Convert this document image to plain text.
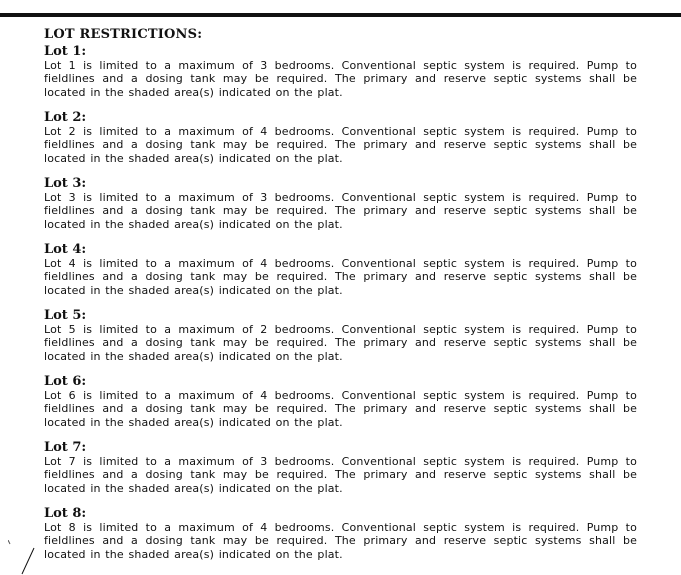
LOT RESTRICTIONS:
Lot 1:
Lot 1 is limited to a maximum of 3 bedrooms. Conventional septic system is required. Pump to fieldlines and a dosing tank may be required. The primary and reserve septic systems shall be located in the shaded area(s) indicated on the plat.
Lot 2:
Lot 2 is limited to a maximum of 4 bedrooms. Conventional septic system is required. Pump to fieldlines and a dosing tank may be required. The primary and reserve septic systems shall be located in the shaded area(s) indicated on the plat.
Lot 3:
Lot 3 is limited to a maximum of 3 bedrooms. Conventional septic system is required. Pump to fieldlines and a dosing tank may be required. The primary and reserve septic systems shall be located in the shaded area(s) indicated on the plat.
Lot 4:
Lot 4 is limited to a maximum of 4 bedrooms. Conventional septic system is required. Pump to fieldlines and a dosing tank may be required. The primary and reserve septic systems shall be located in the shaded area(s) indicated on the plat.
Lot 5:
Lot 5 is limited to a maximum of 2 bedrooms. Conventional septic system is required. Pump to fieldlines and a dosing tank may be required. The primary and reserve septic systems shall be located in the shaded area(s) indicated on the plat.
Lot 6:
Lot 6 is limited to a maximum of 4 bedrooms. Conventional septic system is required. Pump to fieldlines and a dosing tank may be required. The primary and reserve septic systems shall be located in the shaded area(s) indicated on the plat.
Lot 7:
Lot 7 is limited to a maximum of 3 bedrooms. Conventional septic system is required. Pump to fieldlines and a dosing tank may be required. The primary and reserve septic systems shall be located in the shaded area(s) indicated on the plat.
Lot 8:
Lot 8 is limited to a maximum of 4 bedrooms. Conventional septic system is required. Pump to fieldlines and a dosing tank may be required. The primary and reserve septic systems shall be located in the shaded area(s) indicated on the plat.
